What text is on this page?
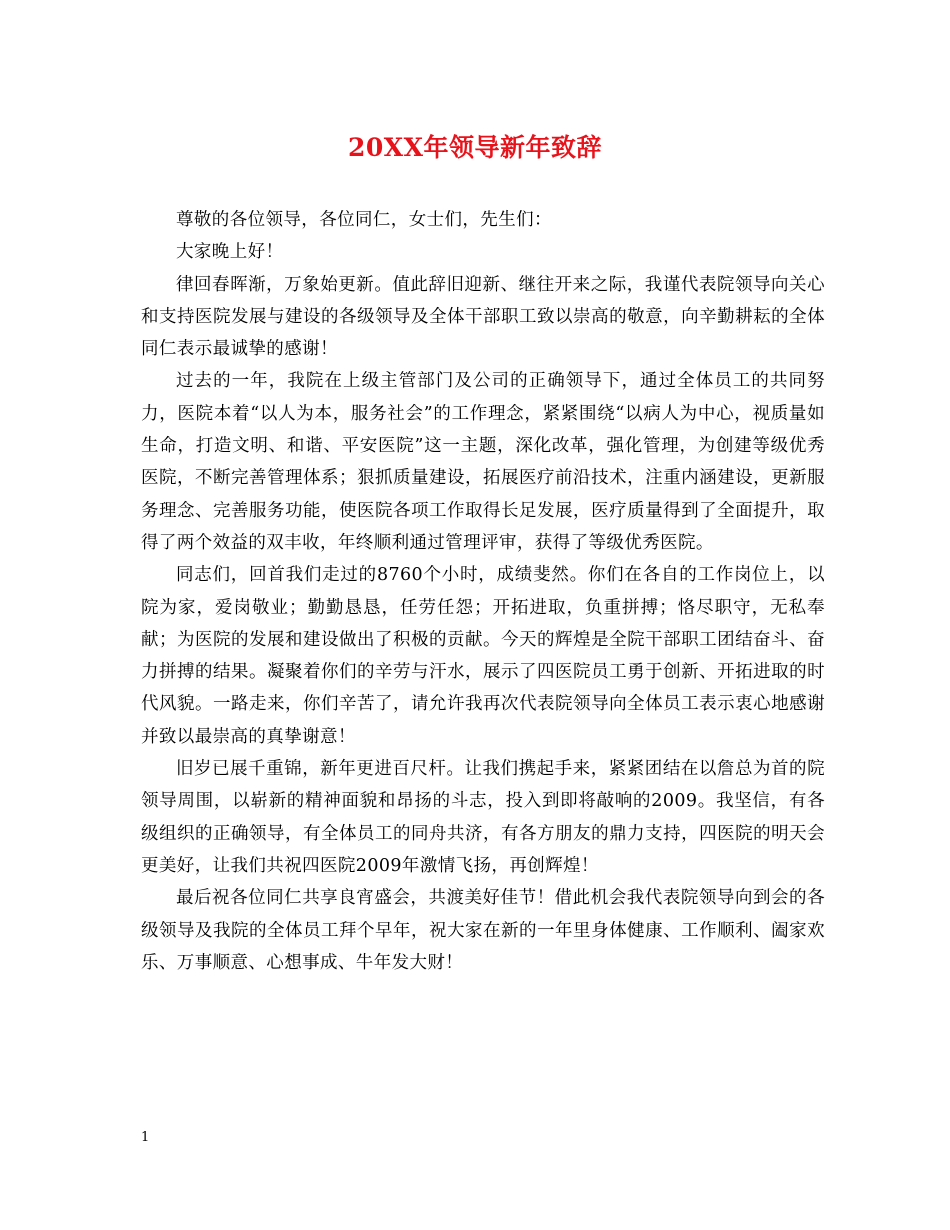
20XX年领导新年致辞

尊敬的各位领导，各位同仁，女士们，先生们：

大家晚上好！

律回春晖渐，万象始更新。值此辞旧迎新、继往开来之际，我谨代表院领导向关心和支持医院发展与建设的各级领导及全体干部职工致以崇高的敬意，向辛勤耕耘的全体同仁表示最诚挚的感谢！

过去的一年，我院在上级主管部门及公司的正确领导下，通过全体员工的共同努力，医院本着“以人为本，服务社会”的工作理念，紧紧围绕“以病人为中心，视质量如生命，打造文明、和谐、平安医院”这一主题，深化改革，强化管理，为创建等级优秀医院，不断完善管理体系；狠抓质量建设，拓展医疗前沿技术，注重内涵建设，更新服务理念、完善服务功能，使医院各项工作取得长足发展，医疗质量得到了全面提升，取得了两个效益的双丰收，年终顺利通过管理评审，获得了等级优秀医院。

同志们，回首我们走过的8760个小时，成绩斐然。你们在各自的工作岗位上，以院为家，爱岗敬业；勤勤恳恳，任劳任怨；开拓进取，负重拼搏；恪尽职守，无私奉献；为医院的发展和建设做出了积极的贡献。今天的辉煌是全院干部职工团结奋斗、奋力拼搏的结果。凝聚着你们的辛劳与汗水，展示了四医院员工勇于创新、开拓进取的时代风貌。一路走来，你们辛苦了，请允许我再次代表院领导向全体员工表示衷心地感谢并致以最崇高的真挚谢意！

旧岁已展千重锦，新年更进百尺杆。让我们携起手来，紧紧团结在以詹总为首的院领导周围，以崭新的精神面貌和昂扬的斗志，投入到即将敲响的2009。我坚信，有各级组织的正确领导，有全体员工的同舟共济，有各方朋友的鼎力支持，四医院的明天会更美好，让我们共祝四医院2009年激情飞扬，再创辉煌！

最后祝各位同仁共享良宵盛会，共渡美好佳节！借此机会我代表院领导向到会的各级领导及我院的全体员工拜个早年，祝大家在新的一年里身体健康、工作顺利、阖家欢乐、万事顺意、心想事成、牛年发大财！

1
